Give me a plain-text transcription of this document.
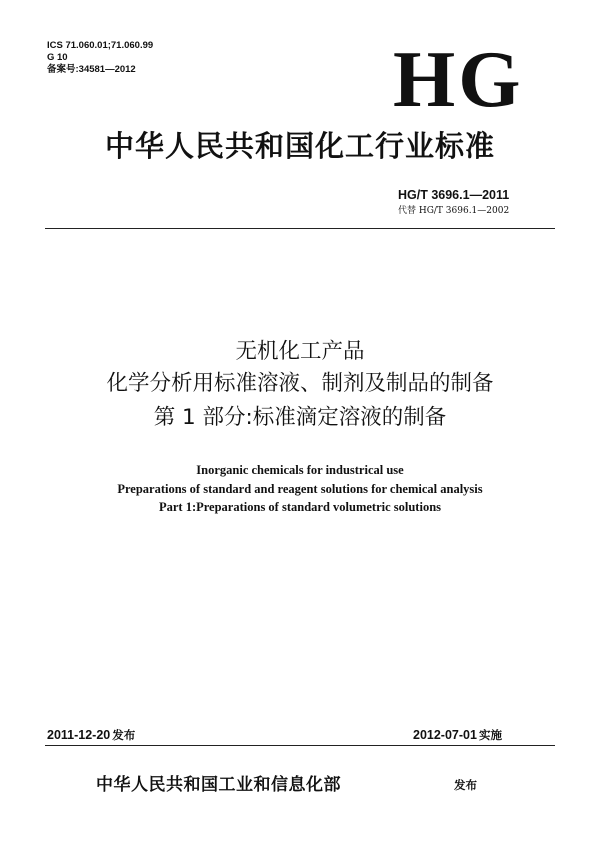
ICS 71.060.01;71.060.99
G 10
备案号:34581—2012	HG
中华人民共和国化工行业标准
HG/T 3696.1—2011
代替 HG/T 3696.1—2002
无机化工产品
化学分析用标准溶液、制剂及制品的制备
第 1 部分:标准滴定溶液的制备
Inorganic chemicals for industrical use
Preparations of standard and reagent solutions for chemical analysis
Part 1:Preparations of standard volumetric solutions
2011-12-20 发布	2012-07-01 实施
中华人民共和国工业和信息化部	发布
